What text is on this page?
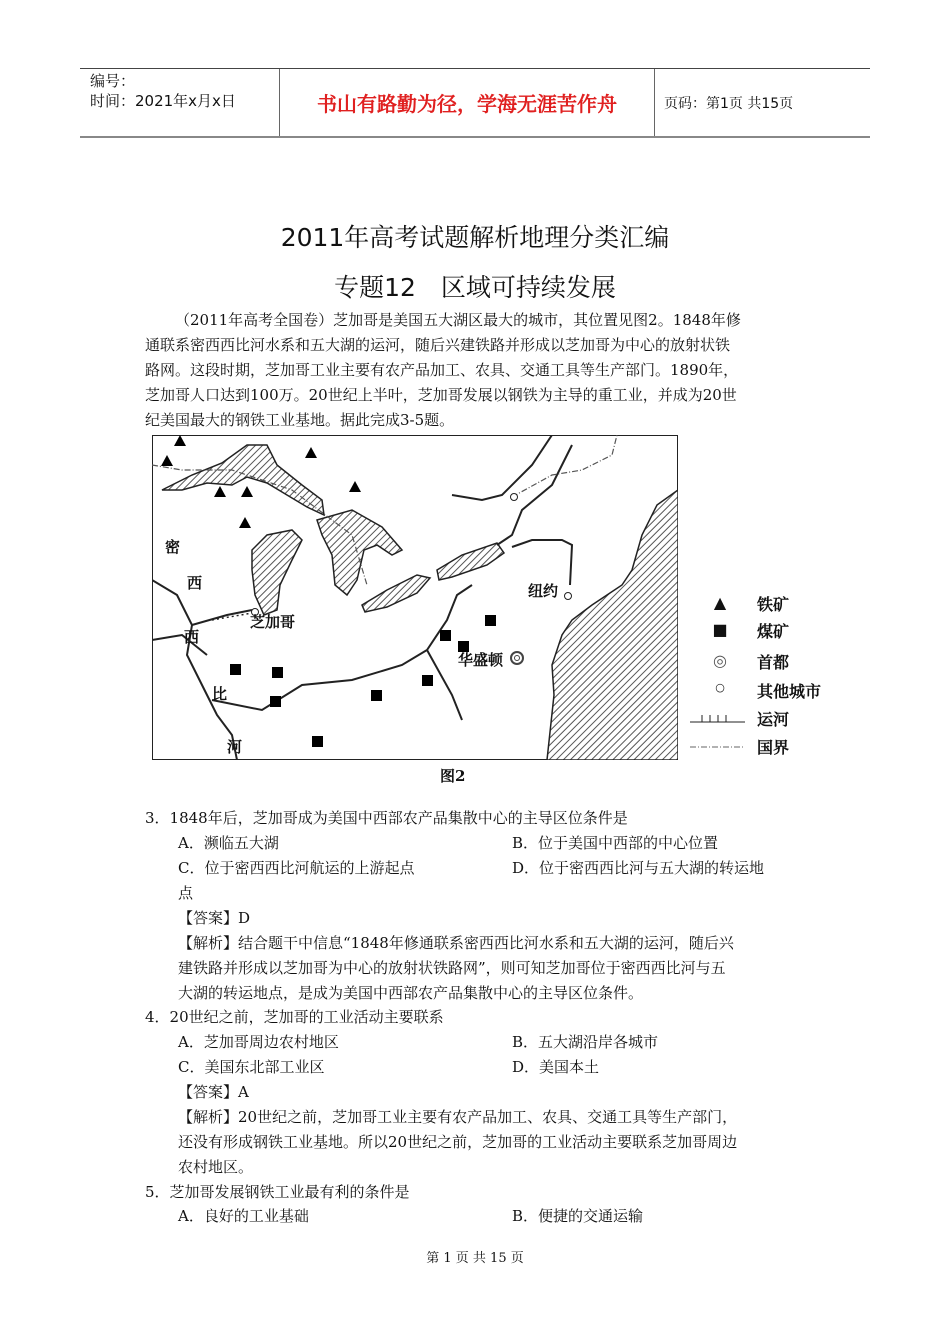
编号：
时间：2021年x月x日	书山有路勤为径，学海无涯苦作舟	页码：第1页 共15页
2011年高考试题解析地理分类汇编
专题12　区域可持续发展
（2011年高考全国卷）芝加哥是美国五大湖区最大的城市，其位置见图2。1848年修
通联系密西西比河水系和五大湖的运河，随后兴建铁路并形成以芝加哥为中心的放射状铁
路网。这段时期，芝加哥工业主要有农产品加工、农具、交通工具等生产部门。1890年，
芝加哥人口达到100万。20世纪上半叶，芝加哥发展以钢铁为主导的重工业，并成为20世
纪美国最大的钢铁工业基地。据此完成3-5题。
密
西
西
比
河
芝加哥
纽约
华盛顿
▲ 铁矿
■ 煤矿
◎ 首都
○	其他城市
运河
国界
图2
3．1848年后，芝加哥成为美国中西部农产品集散中心的主导区位条件是
A．濒临五大湖	B．位于美国中西部的中心位置
C．位于密西西比河航运的上游起点	D．位于密西西比河与五大湖的转运地
点
【答案】D
【解析】结合题干中信息“1848年修通联系密西西比河水系和五大湖的运河，随后兴
建铁路并形成以芝加哥为中心的放射状铁路网”，则可知芝加哥位于密西西比河与五
大湖的转运地点，是成为美国中西部农产品集散中心的主导区位条件。
4．20世纪之前，芝加哥的工业活动主要联系
A．芝加哥周边农村地区	B．五大湖沿岸各城市
C．美国东北部工业区	D．美国本土
【答案】A
【解析】20世纪之前，芝加哥工业主要有农产品加工、农具、交通工具等生产部门，
还没有形成钢铁工业基地。所以20世纪之前，芝加哥的工业活动主要联系芝加哥周边
农村地区。
5．芝加哥发展钢铁工业最有利的条件是
A．良好的工业基础	B．便捷的交通运输
第 1 页 共 15 页
